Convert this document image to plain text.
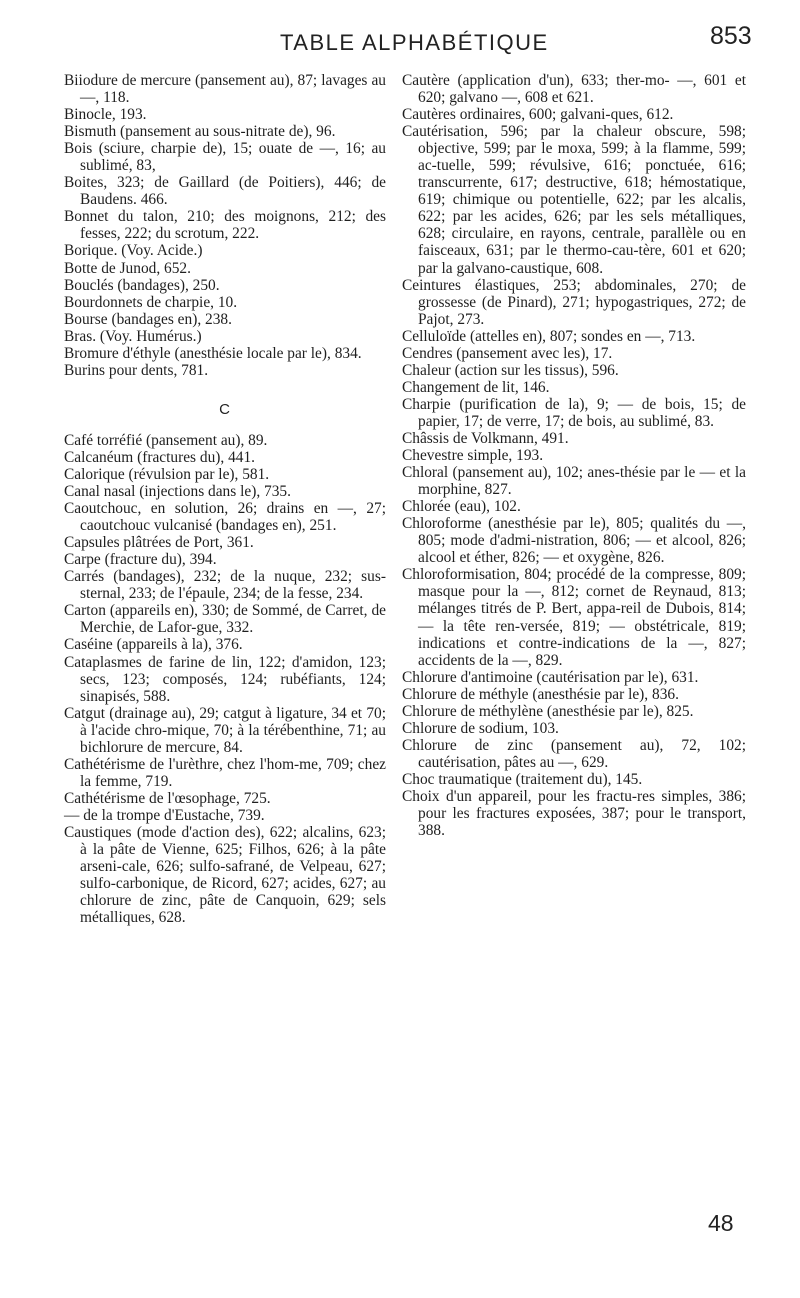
TABLE ALPHABÉTIQUE	853

Biiodure de mercure (pansement au), 87; lavages au —, 118.

Binocle, 193.

Bismuth (pansement au sous-nitrate de), 96.

Bois (sciure, charpie de), 15; ouate de —, 16; au sublimé, 83,

Boites, 323; de Gaillard (de Poitiers), 446; de Baudens. 466.

Bonnet du talon, 210; des moignons, 212; des fesses, 222; du scrotum, 222.

Borique. (Voy. Acide.)

Botte de Junod, 652.

Bouclés (bandages), 250.

Bourdonnets de charpie, 10.

Bourse (bandages en), 238.

Bras. (Voy. Humérus.)

Bromure d'éthyle (anesthésie locale par le), 834.

Burins pour dents, 781.

C

Café torréfié (pansement au), 89.

Calcanéum (fractures du), 441.

Calorique (révulsion par le), 581.

Canal nasal (injections dans le), 735.

Caoutchouc, en solution, 26; drains en —, 27; caoutchouc vulcanisé (bandages en), 251.

Capsules plâtrées de Port, 361.

Carpe (fracture du), 394.

Carrés (bandages), 232; de la nuque, 232; sus-sternal, 233; de l'épaule, 234; de la fesse, 234.

Carton (appareils en), 330; de Sommé, de Carret, de Merchie, de Lafor-gue, 332.

Caséine (appareils à la), 376.

Cataplasmes de farine de lin, 122; d'amidon, 123; secs, 123; composés, 124; rubéfiants, 124; sinapisés, 588.

Catgut (drainage au), 29; catgut à ligature, 34 et 70; à l'acide chro-mique, 70; à la térébenthine, 71; au bichlorure de mercure, 84.

Cathétérisme de l'urèthre, chez l'hom-me, 709; chez la femme, 719.

Cathétérisme de l'œsophage, 725.

— de la trompe d'Eustache, 739.

Caustiques (mode d'action des), 622; alcalins, 623; à la pâte de Vienne, 625; Filhos, 626; à la pâte arseni-cale, 626; sulfo-safrané, de Velpeau, 627; sulfo-carbonique, de Ricord, 627; acides, 627; au chlorure de zinc, pâte de Canquoin, 629; sels métalliques, 628.

Cautère (application d'un), 633; ther-mo- —, 601 et 620; galvano —, 608 et 621.

Cautères ordinaires, 600; galvani-ques, 612.

Cautérisation, 596; par la chaleur obscure, 598; objective, 599; par le moxa, 599; à la flamme, 599; ac-tuelle, 599; révulsive, 616; ponctuée, 616; transcurrente, 617; destructive, 618; hémostatique, 619; chimique ou potentielle, 622; par les alcalis, 622; par les acides, 626; par les sels métalliques, 628; circulaire, en rayons, centrale, parallèle ou en faisceaux, 631; par le thermo-cau-tère, 601 et 620; par la galvano-caustique, 608.

Ceintures élastiques, 253; abdominales, 270; de grossesse (de Pinard), 271; hypogastriques, 272; de Pajot, 273.

Celluloïde (attelles en), 807; sondes en —, 713.

Cendres (pansement avec les), 17.

Chaleur (action sur les tissus), 596.

Changement de lit, 146.

Charpie (purification de la), 9; — de bois, 15; de papier, 17; de verre, 17; de bois, au sublimé, 83.

Châssis de Volkmann, 491.

Chevestre simple, 193.

Chloral (pansement au), 102; anes-thésie par le — et la morphine, 827.

Chlorée (eau), 102.

Chloroforme (anesthésie par le), 805; qualités du —, 805; mode d'admi-nistration, 806; — et alcool, 826; alcool et éther, 826; — et oxygène, 826.

Chloroformisation, 804; procédé de la compresse, 809; masque pour la —, 812; cornet de Reynaud, 813; mélanges titrés de P. Bert, appa-reil de Dubois, 814; — la tête ren-versée, 819; — obstétricale, 819; indications et contre-indications de la —, 827; accidents de la —, 829.

Chlorure d'antimoine (cautérisation par le), 631.

Chlorure de méthyle (anesthésie par le), 836.

Chlorure de méthylène (anesthésie par le), 825.

Chlorure de sodium, 103.

Chlorure de zinc (pansement au), 72, 102; cautérisation, pâtes au —, 629.

Choc traumatique (traitement du), 145.

Choix d'un appareil, pour les fractu-res simples, 386; pour les fractures exposées, 387; pour le transport, 388.

48
